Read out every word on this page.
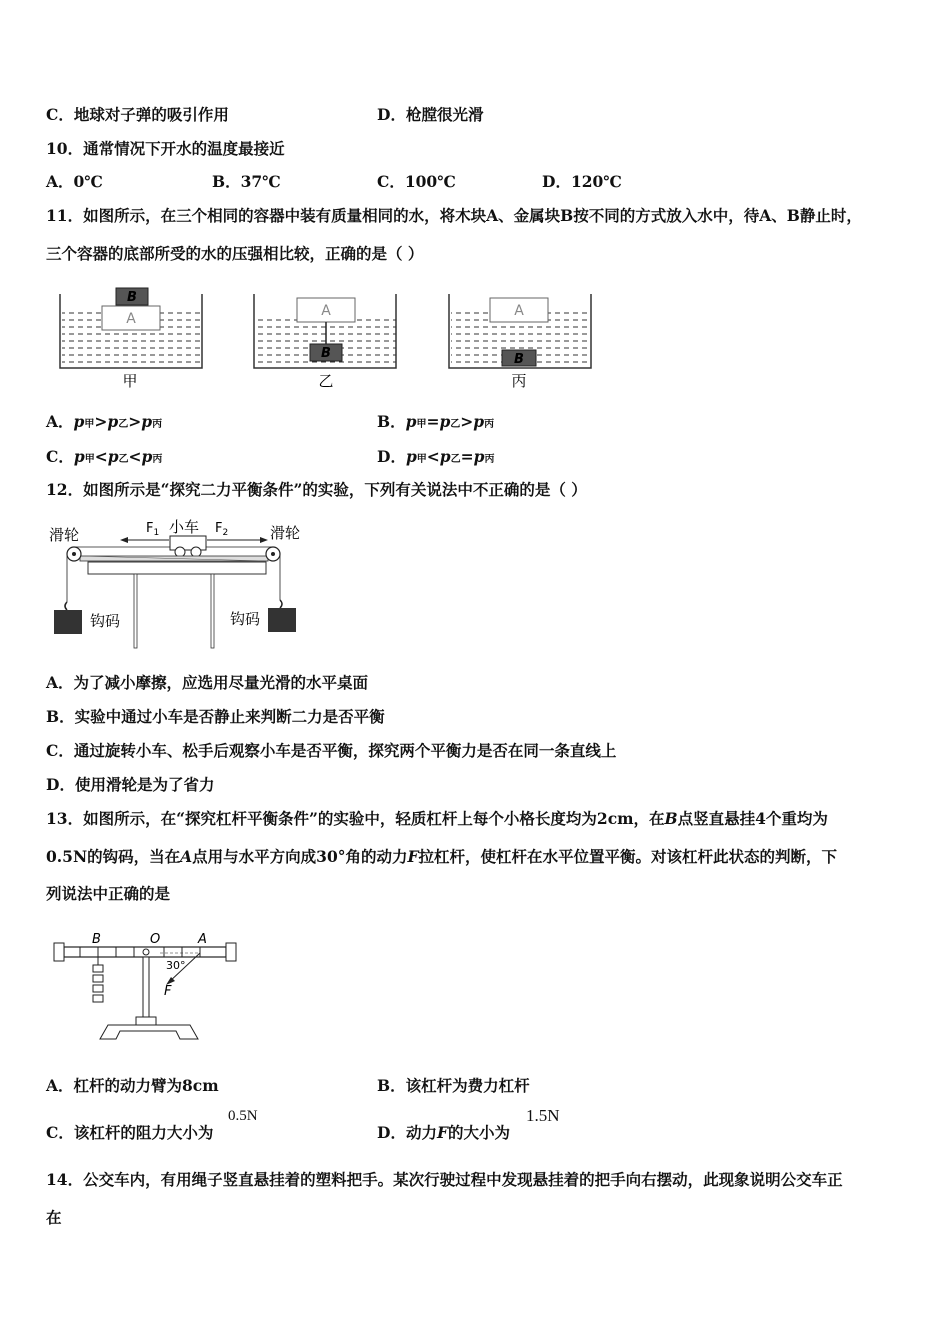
C．地球对子弹的吸引作用	D．枪膛很光滑
10．通常情况下开水的温度最接近
A．0℃	B．37℃	C．100℃	D．120℃
11．如图所示，在三个相同的容器中装有质量相同的水，将木块A、金属块B按不同的方式放入水中，待A、B静止时，
三个容器的底部所受的水的压强相比较，正确的是（ ）
A
B
甲
A
B
乙
A
B
丙
A．p甲>p乙>p丙	B．p甲=p乙>p丙
C．p甲<p乙<p丙	D．p甲<p乙=p丙
12．如图所示是“探究二力平衡条件”的实验，下列有关说法中不正确的是（ ）
滑轮	滑轮
$F_1$ 小车 $F_2$
钩码	钩码
A．为了减小摩擦，应选用尽量光滑的水平桌面
B．实验中通过小车是否静止来判断二力是否平衡
C．通过旋转小车、松手后观察小车是否平衡，探究两个平衡力是否在同一条直线上
D．使用滑轮是为了省力
13．如图所示，在“探究杠杆平衡条件”的实验中，轻质杠杆上每个小格长度均为2cm，在B点竖直悬挂4个重均为
0.5N的钩码，当在A点用与水平方向成30°角的动力F拉杠杆，使杠杆在水平位置平衡。对该杠杆此状态的判断，下
列说法中正确的是
B	O	A
30°
F
A．杠杆的动力臂为8cm	B．该杠杆为费力杠杆
C．该杠杆的阻力大小为
0.5N
D．动力F的大小为
1.5N
14．公交车内，有用绳子竖直悬挂着的塑料把手。某次行驶过程中发现悬挂着的把手向右摆动，此现象说明公交车正
在
